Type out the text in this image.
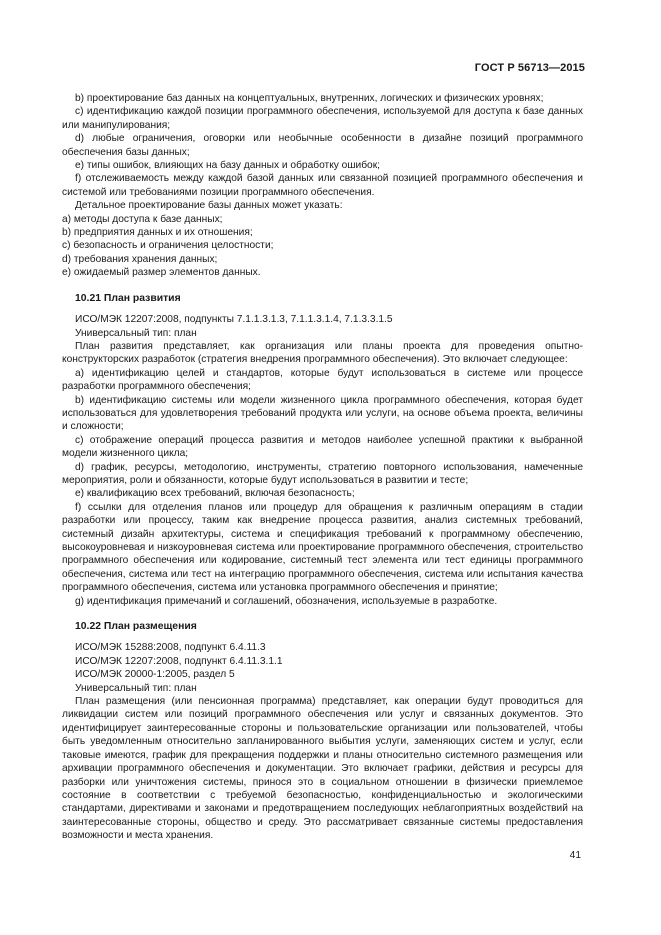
ГОСТ Р 56713—2015

b) проектирование баз данных на концептуальных, внутренних, логических и физических уровнях;

c) идентификацию каждой позиции программного обеспечения, используемой для доступа к базе данных или манипулирования;

d) любые ограничения, оговорки или необычные особенности в дизайне позиций программного обеспечения базы данных;

e) типы ошибок, влияющих на базу данных и обработку ошибок;

f) отслеживаемость между каждой базой данных или связанной позицией программного обеспечения и системой или требованиями позиции программного обеспечения.

Детальное проектирование базы данных может указать:

a) методы доступа к базе данных;

b) предприятия данных и их отношения;

c) безопасность и ограничения целостности;

d) требования хранения данных;

e) ожидаемый размер элементов данных.

10.21 План развития

ИСО/МЭК 12207:2008, подпункты 7.1.1.3.1.3, 7.1.1.3.1.4, 7.1.3.3.1.5

Универсальный тип: план

План развития представляет, как организация или планы проекта для проведения опытно-конструкторских разработок (стратегия внедрения программного обеспечения). Это включает следующее:

a) идентификацию целей и стандартов, которые будут использоваться в системе или процессе разработки программного обеспечения;

b) идентификацию системы или модели жизненного цикла программного обеспечения, которая будет использоваться для удовлетворения требований продукта или услуги, на основе объема проекта, величины и сложности;

c) отображение операций процесса развития и методов наиболее успешной практики к выбранной модели жизненного цикла;

d) график, ресурсы, методологию, инструменты, стратегию повторного использования, намеченные мероприятия, роли и обязанности, которые будут использоваться в развитии и тесте;

e) квалификацию всех требований, включая безопасность;

f) ссылки для отделения планов или процедур для обращения к различным операциям в стадии разработки или процессу, таким как внедрение процесса развития, анализ системных требований, системный дизайн архитектуры, система и спецификация требований к программному обеспечению, высокоуровневая и низкоуровневая система или проектирование программного обеспечения, строительство программного обеспечения или кодирование, системный тест элемента или тест единицы программного обеспечения, система или тест на интеграцию программного обеспечения, система или испытания качества программного обеспечения, система или установка программного обеспечения и принятие;

g) идентификация примечаний и соглашений, обозначения, используемые в разработке.

10.22 План размещения

ИСО/МЭК 15288:2008, подпункт 6.4.11.3

ИСО/МЭК 12207:2008, подпункт 6.4.11.3.1.1

ИСО/МЭК 20000-1:2005, раздел 5

Универсальный тип: план

План размещения (или пенсионная программа) представляет, как операции будут проводиться для ликвидации систем или позиций программного обеспечения или услуг и связанных документов. Это идентифицирует заинтересованные стороны и пользовательские организации или пользователей, чтобы быть уведомленным относительно запланированного выбытия услуги, заменяющих систем и услуг, если таковые имеются, график для прекращения поддержки и планы относительно системного размещения или архивации программного обеспечения и документации. Это включает графики, действия и ресурсы для разборки или уничтожения системы, принося это в социальном отношении в физически приемлемое состояние в соответствии с требуемой безопасностью, конфиденциальностью и экологическими стандартами, директивами и законами и предотвращением последующих неблагоприятных воздействий на заинтересованные стороны, общество и среду. Это рассматривает связанные системы предоставления возможности и места хранения.

41
